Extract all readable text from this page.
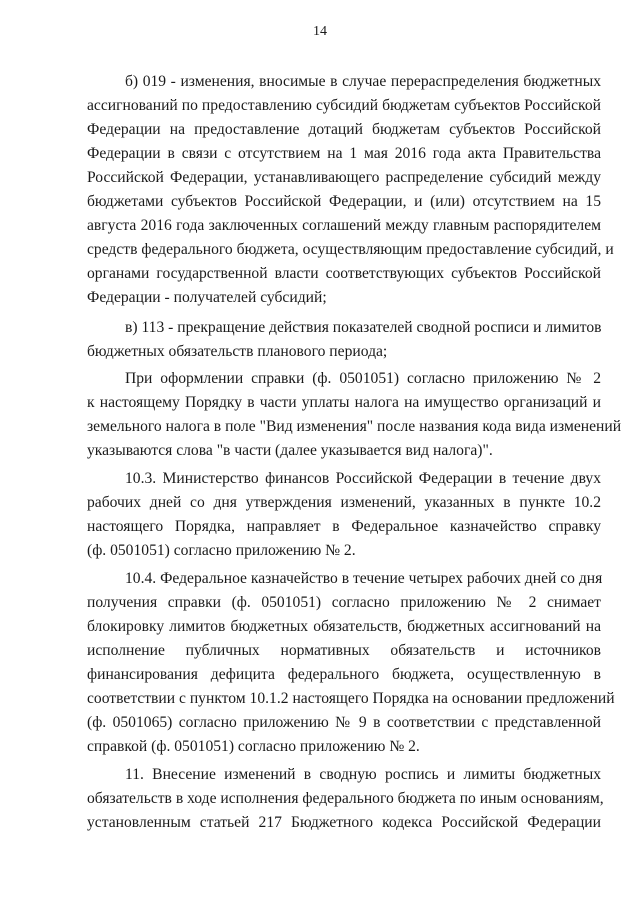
14
б) 019 - изменения, вносимые в случае перераспределения бюджетных
ассигнований по предоставлению субсидий бюджетам субъектов Российской
Федерации на предоставление дотаций бюджетам субъектов Российской
Федерации в связи с отсутствием на 1 мая 2016 года акта Правительства
Российской Федерации, устанавливающего распределение субсидий между
бюджетами субъектов Российской Федерации, и (или) отсутствием на 15
августа 2016 года заключенных соглашений между главным распорядителем
средств федерального бюджета, осуществляющим предоставление субсидий, и
органами государственной власти соответствующих субъектов Российской
Федерации - получателей субсидий;
в) 113 - прекращение действия показателей сводной росписи и лимитов
бюджетных обязательств планового периода;
При оформлении справки (ф. 0501051) согласно приложению № 2
к настоящему Порядку в части уплаты налога на имущество организаций и
земельного налога в поле "Вид изменения" после названия кода вида изменений
указываются слова "в части (далее указывается вид налога)".
10.3. Министерство финансов Российской Федерации в течение двух
рабочих дней со дня утверждения изменений, указанных в пункте 10.2
настоящего Порядка, направляет в Федеральное казначейство справку
(ф. 0501051) согласно приложению № 2.
10.4. Федеральное казначейство в течение четырех рабочих дней со дня
получения справки (ф. 0501051) согласно приложению № 2 снимает
блокировку лимитов бюджетных обязательств, бюджетных ассигнований на
исполнение публичных нормативных обязательств и источников
финансирования дефицита федерального бюджета, осуществленную в
соответствии с пунктом 10.1.2 настоящего Порядка на основании предложений
(ф. 0501065) согласно приложению № 9 в соответствии с представленной
справкой (ф. 0501051) согласно приложению № 2.
11. Внесение изменений в сводную роспись и лимиты бюджетных
обязательств в ходе исполнения федерального бюджета по иным основаниям,
установленным статьей 217 Бюджетного кодекса Российской Федерации
